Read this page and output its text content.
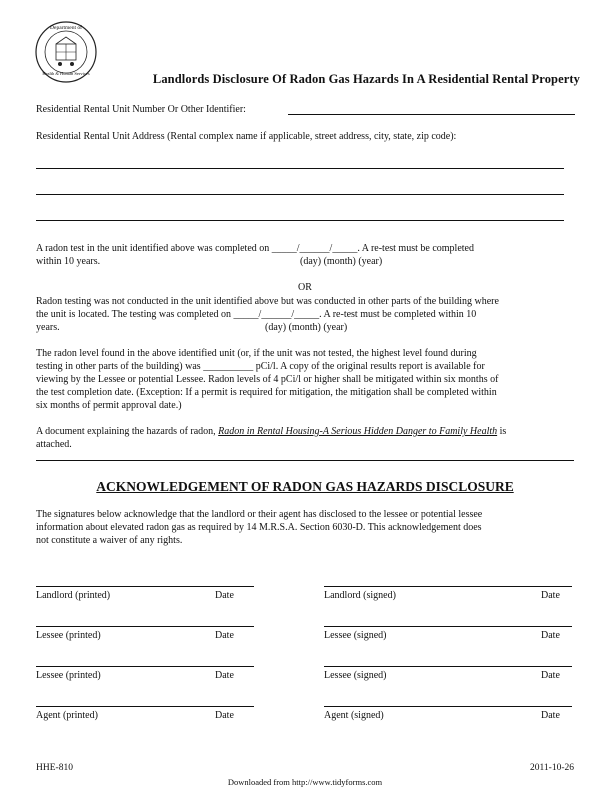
Department of
Health & Human Services	Landlords Disclosure Of Radon Gas Hazards In A Residential Rental Property
Residential Rental Unit Number Or Other Identifier:
Residential Rental Unit Address (Rental complex name if applicable, street address, city, state, zip code):
A radon test in the unit identified above was completed on _____/______/_____. A re-test must be completed
within 10 years.	(day) (month) (year)
OR
Radon testing was not conducted in the unit identified above but was conducted in other parts of the building where
the unit is located. The testing was completed on _____/______/_____. A re-test must be completed within 10
years.	(day) (month) (year)
The radon level found in the above identified unit (or, if the unit was not tested, the highest level found during
testing in other parts of the building) was __________ pCi/l. A copy of the original results report is available for
viewing by the Lessee or potential Lessee. Radon levels of 4 pCi/l or higher shall be mitigated within six months of
the test completion date. (Exception: If a permit is required for mitigation, the mitigation shall be completed within
six months of permit approval date.)
A document explaining the hazards of radon, Radon in Rental Housing-A Serious Hidden Danger to Family Health is
attached.
ACKNOWLEDGEMENT OF RADON GAS HAZARDS DISCLOSURE
The signatures below acknowledge that the landlord or their agent has disclosed to the lessee or potential lessee
information about elevated radon gas as required by 14 M.R.S.A. Section 6030-D. This acknowledgement does
not constitute a waiver of any rights.
Landlord (printed)	Date	Landlord (signed)	Date
Lessee (printed)	Date	Lessee (signed)	Date
Lessee (printed)	Date	Lessee (signed)	Date
Agent (printed)	Date	Agent (signed)	Date
HHE-810	2011-10-26
Downloaded from http://www.tidyforms.com
